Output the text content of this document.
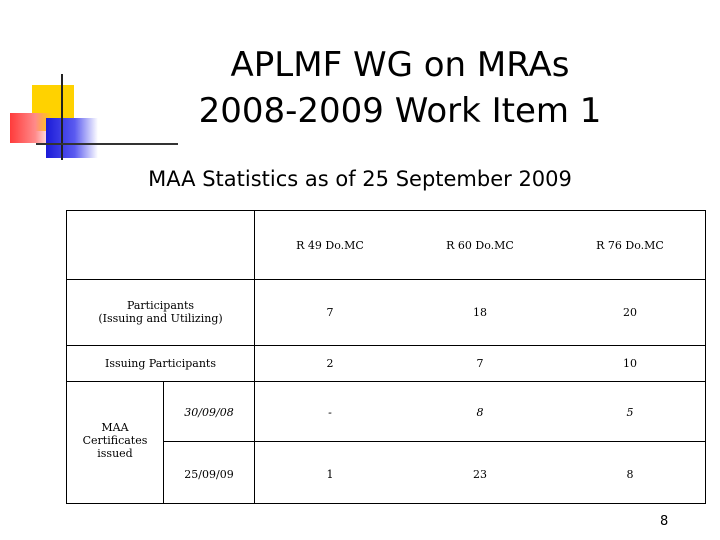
APLMF WG on MRAs
2008-2009 Work Item 1
MAA Statistics as of 25 September 2009
R 49 Do.MC	R 60 Do.MC	R 76 Do.MC
Participants
(Issuing and Utilizing)	7	18	20
Issuing Participants	2	7	10
MAA
Certificates
issued
30/09/08	-	8	5
25/09/09	1	23	8
8
